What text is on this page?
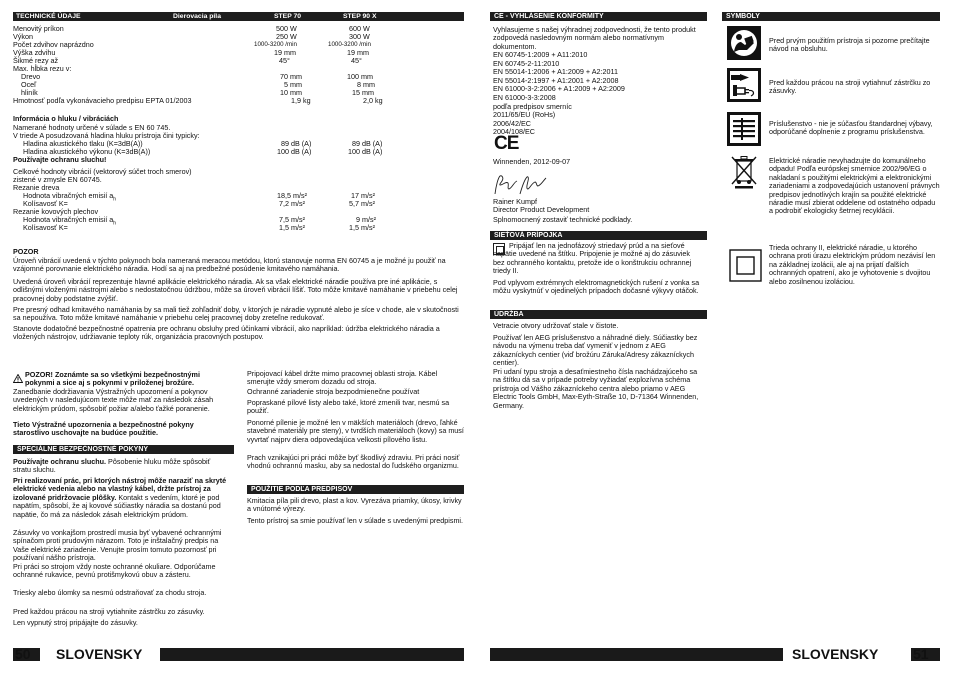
TECHNICKÉ ÚDAJE	Dierovacia píla	STEP 70	STEP 90 X
Menovitý príkon	500 W	600 W
Výkon	250 W	300 W
Počet zdvihov naprázdno	1000-3200 /min	1000-3200 /min
Výška zdvihu	19 mm	19 mm
Šikmé rezy až	45°	45°
Max. hĺbka rezu v:
Drevo	70 mm	100 mm
Oceľ	5 mm	8 mm
hliník	10 mm	15 mm
Hmotnosť podľa vykonávacieho predpisu EPTA 01/2003	1,9 kg	2,0 kg
Informácia o hluku / vibráciách
Namerané hodnoty určené v súlade s EN 60 745.
V triede A posudzovaná hladina hluku prístroja čini typicky:
Hladina akustického tlaku (K=3dB(A))	89 dB (A)	89 dB (A)
Hladina akustického výkonu (K=3dB(A))	100 dB (A)	100 dB (A)
Používajte ochranu sluchu!
Celkové hodnoty vibrácií (vektorový súčet troch smerov)
zistené v zmysle EN 60745.
Rezanie dreva
Hodnota vibračných emisií $a_h$	18,5 m/s²	17 m/s²
Kolísavosť K=	7,2 m/s²	5,7 m/s²
Rezanie kovových plechov
Hodnota vibračných emisií $a_h$	7,5 m/s²	9 m/s²
Kolísavosť K=	1,5 m/s²	1,5 m/s²
POZOR
Úroveň vibrácií uvedená v týchto pokynoch bola nameraná meracou metódou, ktorú stanovuje norma EN 60745 a je možné ju použiť na vzájomné porovnanie elektrického náradia. Hodí sa aj na predbežné posúdenie kmitavého namáhania.
Uvedená úroveň vibrácií reprezentuje hlavné aplikácie elektrického náradia. Ak sa však elektrické náradie používa pre iné aplikácie, s odlišnými vloženými nástrojmi alebo s nedostatočnou údržbou, môže sa úroveň vibrácií líšiť. Toto môže kmitavé namáhanie v priebehu celej pracovnej doby podstatne zvýšiť.
Pre presný odhad kmitavého namáhania by sa mali tiež zohľadniť doby, v ktorých je náradie vypnuté alebo je síce v chode, ale v skutočnosti sa nepoužíva. Toto môže kmitavé namáhanie v priebehu celej pracovnej doby zreteľne redukovať.
Stanovte dodatočné bezpečnostné opatrenia pre ochranu obsluhy pred účinkami vibrácií, ako napríklad: údržba elektrického náradia a vložených nástrojov, udržiavanie teploty rúk, organizácia pracovných postupov.
POZOR! Zoznámte sa so všetkými bezpečnostnými pokynmi a sice aj s pokynmi v priloženej brožúre.
Zanedbanie dodržiavania Výstražných upozornení a pokynov uvedených v nasledujúcom texte môže mať za následok zásah elektrickým prúdom, spôsobiť požiar a/alebo ťažké poranenie.
Tieto Výstražné upozornenia a bezpečnostné pokyny starostlivo uschovajte na budúce použitie.
ŠPECIÁLNE BEZPEČNOSTNÉ POKYNY
Používajte ochranu sluchu. Pôsobenie hluku môže spôsobiť stratu sluchu.
Pri realizovaní prác, pri ktorých nástroj môže naraziť na skryté elektrické vedenia alebo na vlastný kábel, držte prístroj za izolované pridržovacie plôšky. Kontakt s vedením, ktoré je pod napätím, spôsobí, že aj kovové súčiastky náradia sa dostanú pod napätie, čo má za následok zásah elektrickým prúdom.
Zásuvky vo vonkajšom prostredí musia byť vybavené ochrannými spínačom proti prudovým nárazom. Toto je inštalačný predpis na Vaše elektrické zariadenie. Venujte prosím tomuto pozornosť pri používaní nášho prístroja.
Pri práci so strojom vždy noste ochranné okuliare. Odporúčame ochranné rukavice, pevnú protišmykovú obuv a zásteru.
Triesky alebo úlomky sa nesmú odstraňovať za chodu stroja.
Pred každou prácou na stroji vytiahnite zástrčku zo zásuvky.
Len vypnutý stroj pripájajte do zásuvky.
Pripojovací kábel držte mimo pracovnej oblasti stroja. Kábel smerujte vždy smerom dozadu od stroja.
Ochranné zariadenie stroja bezpodmienečne používat
Popraskané pílové listy alebo také, ktoré zmenili tvar, nesmú sa použiť.
Ponorné pílenie je možné len v mäkších materiáloch (drevo, ľahké stavebné materiály pre steny), v tvrdších materiáloch (kovy) sa musí vyvrtať najprv diera odpovedajúca velkosti pílového listu.
Prach vznikajúci pri práci môže byť škodlivý zdraviu. Pri práci nosiť vhodnú ochrannú masku, aby sa nedostal do ľudského organizmu.
POUŽITIE PODĽA PREDPISOV
Kmitacia píla pili drevo, plast a kov. Vyrezáva priamky, úkosy, krivky a vnútorné výrezy.
Tento prístroj sa smie používať len v súlade s uvedenými predpismi.
50 SLOVENSKY
CE - VYHLÁSENIE KONFORMITY
Vyhlasujeme s našej výhradnej zodpovednosti, že tento produkt zodpovedá nasledovným normám alebo normatívnym dokumentom.
EN 60745-1:2009 + A11:2010
EN 60745-2-11:2010
EN 55014-1:2006 + A1:2009 + A2:2011
EN 55014-2:1997 + A1:2001 + A2:2008
EN 61000-3-2:2006 + A1:2009 + A2:2009
EN 61000-3-3:2008
podľa predpisov smerníc
2011/65/EU (RoHs)
2006/42/EC
2004/108/EC
CE
Winnenden, 2012-09-07
Rainer Kumpf
Director Product Development
Splnomocnený zostaviť technické podklady.
SIEŤOVÁ PRÍPOJKA
Pripájať len na jednofázový striedavý prúd a na sieťové napätie uvedené na štítku. Pripojenie je možné aj do zásuviek bez ochranného kontaktu, pretože ide o konštrukciu ochrannej triedy II.
Pod vplyvom extrémnych elektromagnetických rušení z vonka sa môžu vyskytnúť v ojedinelých prípadoch dočasné výkyvy otáčok.
ÚDRŽBA
Vetracie otvory udržovať stale v čistote.
Používať len AEG príslušenstvo a náhradné diely. Súčiastky bez návodu na výmenu treba dať vymeniť v jednom z AEG zákazníckych centier (viď brožúru Záruka/Adresy zákazníckych centier).
Pri udaní typu stroja a desaťmiestneho čísla nachádzajúceho sa na štítku dá sa v prípade potreby vyžiadať explozívna schéma prístroja od Vášho zákazníckeho centra alebo priamo v AEG Electric Tools GmbH, Max-Eyth-Straße 10, D-71364 Winnenden, Germany.
SYMBOLY
Pred prvým použitím prístroja si pozorne prečítajte návod na obsluhu.
Pred každou prácou na stroji vytiahnuť zástrčku zo zásuvky.
Príslušenstvo - nie je súčasťou štandardnej výbavy, odporúčané doplnenie z programu príslušenstva.
Elektrické náradie nevyhadzujte do komunálneho odpadu! Podľa európskej smernice 2002/96/EG o nakladaní s použitými elektrickými a elektronickými zariadeniami a zodpovedajúcich ustanovení právnych predpisov jednotlivých krajín sa použité elektrické náradie musí zbierat oddelene od ostatného odpadu a podrobiť ekologicky šetrnej recyklácii.
Trieda ochrany II, elektrické náradie, u ktorého ochrana proti úrazu elektrickým prúdom nezávisí len na základnej izolácii, ale aj na prijatí ďalších ochranných opatrení, ako je vyhotovenie s dvojitou alebo zosilnenou izoláciou.
SLOVENSKY 51
